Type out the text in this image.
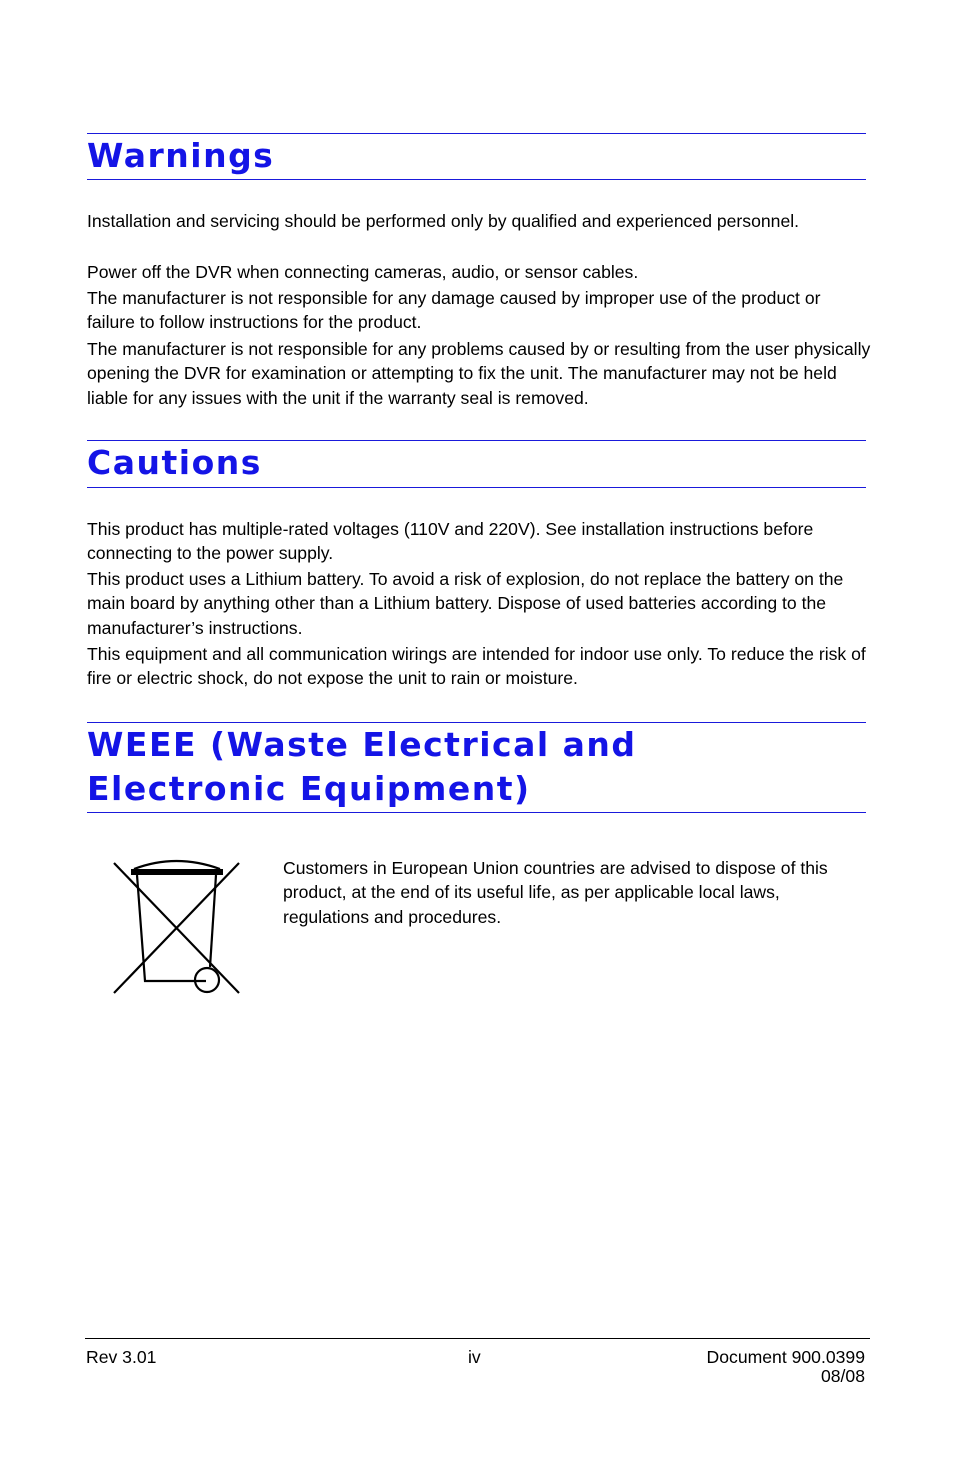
Warnings

Installation and servicing should be performed only by qualified and experienced personnel.

Power off the DVR when connecting cameras, audio, or sensor cables.

The manufacturer is not responsible for any damage caused by improper use of the product or failure to follow instructions for the product.

The manufacturer is not responsible for any problems caused by or resulting from the user physically opening the DVR for examination or attempting to fix the unit. The manufacturer may not be held liable for any issues with the unit if the warranty seal is removed.

Cautions

This product has multiple-rated voltages (110V and 220V). See installation instructions before connecting to the power supply.

This product uses a Lithium battery. To avoid a risk of explosion, do not replace the battery on the main board by anything other than a Lithium battery. Dispose of used batteries according to the manufacturer’s instructions.

This equipment and all communication wirings are intended for indoor use only. To reduce the risk of fire or electric shock, do not expose the unit to rain or moisture.

WEEE (Waste Electrical and Electronic Equipment)

Customers in European Union countries are advised to dispose of this product, at the end of its useful life, as per applicable local laws, regulations and procedures.

Rev 3.01	iv	Document 900.0399
08/08
